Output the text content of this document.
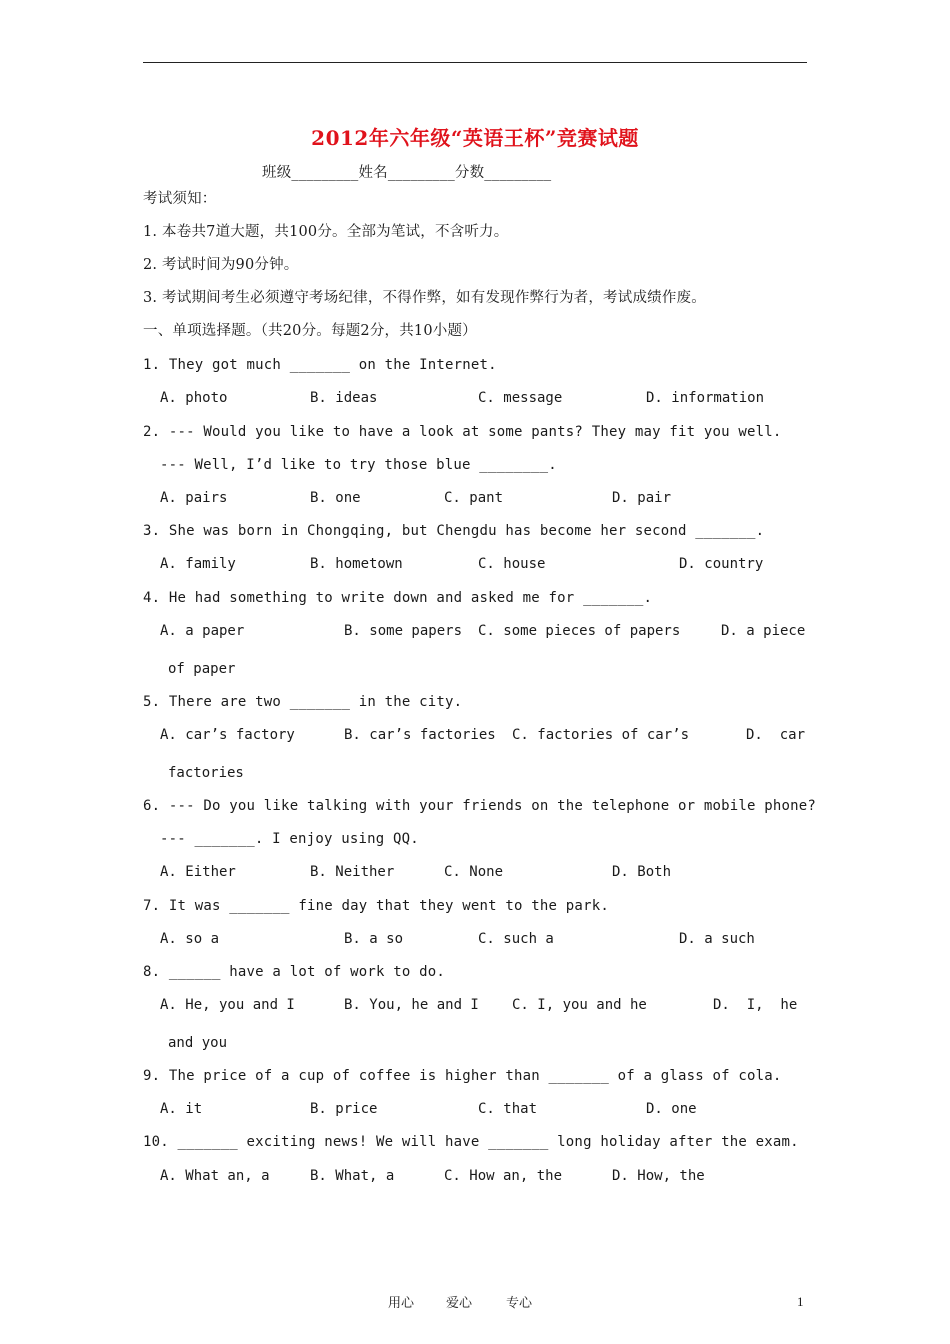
2012年六年级“英语王杯”竞赛试题
班级_________姓名_________分数_________
考试须知：
1. 本卷共7道大题，共100分。全部为笔试，不含听力。
2. 考试时间为90分钟。
3. 考试期间考生必须遵守考场纪律，不得作弊，如有发现作弊行为者，考试成绩作废。
一、单项选择题。（共20分。每题2分，共10小题）
1. They got much _______ on the Internet.
A. photo	B. ideas	C. message	D. information
2. --- Would you like to have a look at some pants? They may fit you well.
--- Well, I’d like to try those blue ________.
A. pairs	B. one	C. pant	D. pair
3. She was born in Chongqing, but Chengdu has become her second _______.
A. family	B. hometown	C. house	D. country
4. He had something to write down and asked me for _______.
A. a paper	B. some papers C. some pieces of papers	D. a piece
of paper
5. There are two _______ in the city.
A. car’s factory	B. car’s factories C. factories of car’s	D.  car
factories
6. --- Do you like talking with your friends on the telephone or mobile phone?
--- _______. I enjoy using QQ.
A. Either	B. Neither	C. None	D. Both
7. It was _______ fine day that they went to the park.
A. so a	B. a so	C. such a	D. a such
8. ______ have a lot of work to do.
A. He, you and I	B. You, he and I C. I, you and he	D.  I,  he
and you
9. The price of a cup of coffee is higher than _______ of a glass of cola.
A. it	B. price	C. that	D. one
10. _______ exciting news! We will have _______ long holiday after the exam.
A. What an, a	B. What, a	C. How an, the	D. How, the
用心 爱心	专心	1
